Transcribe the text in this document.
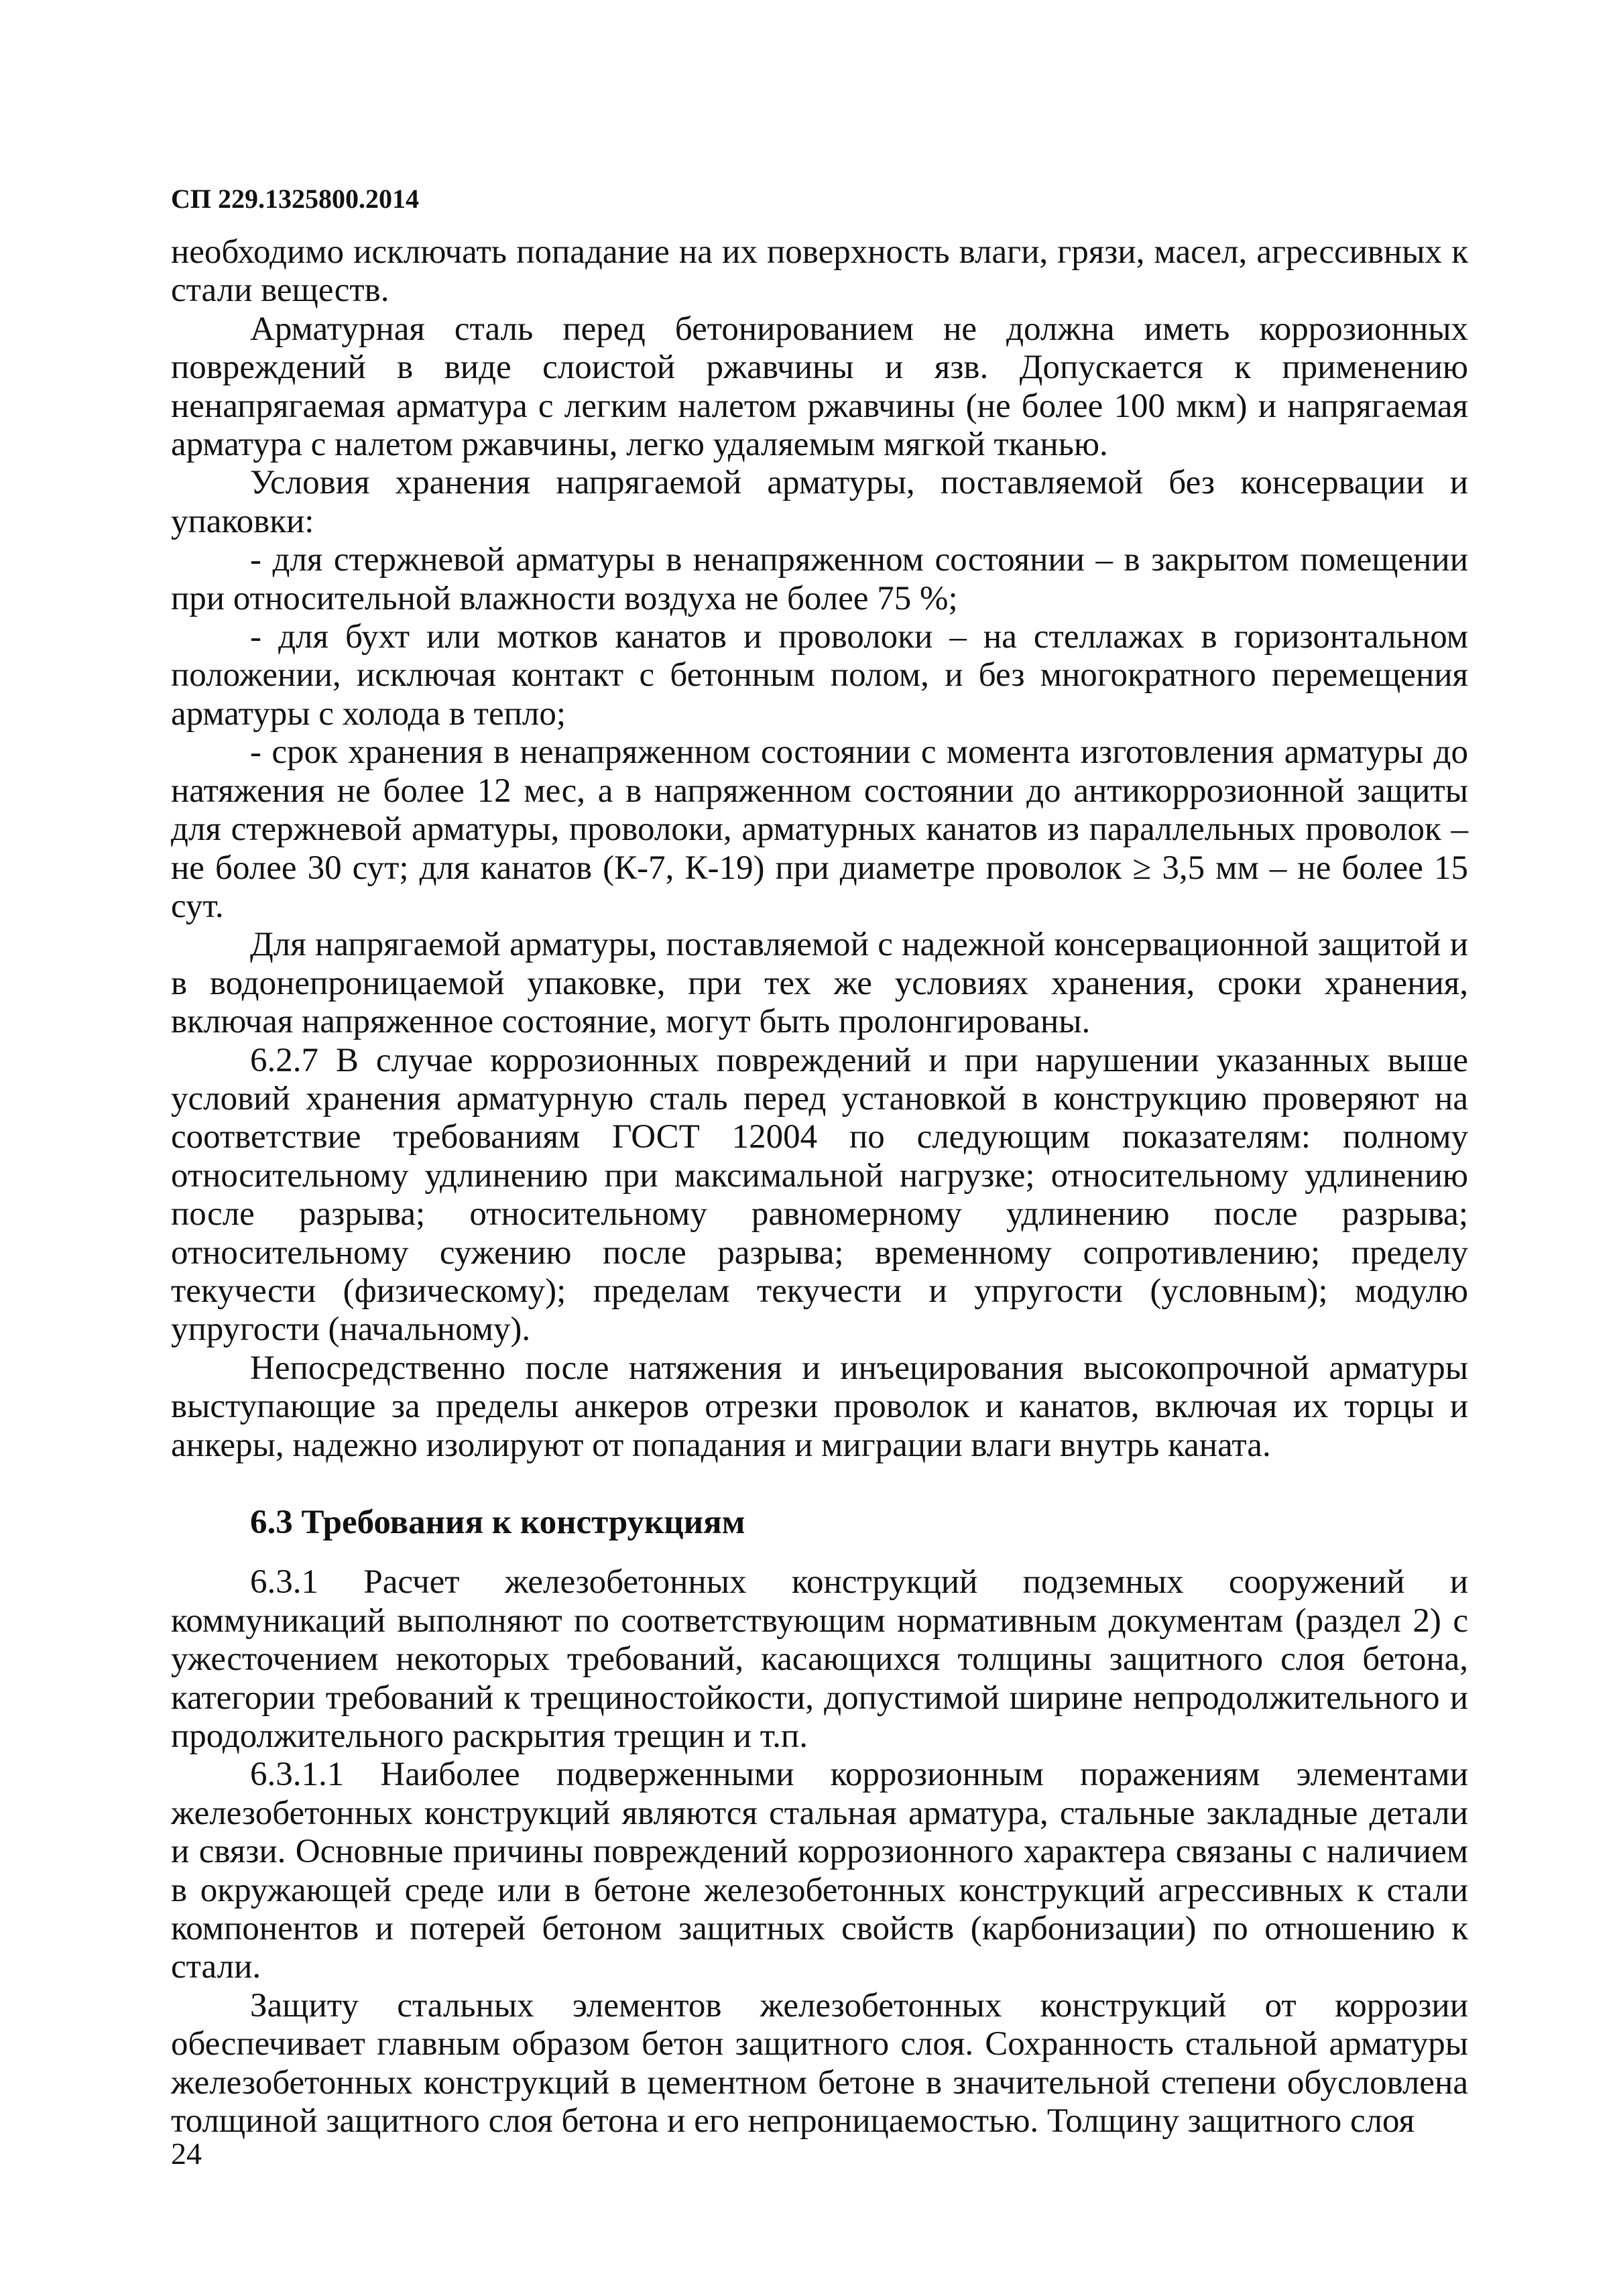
СП 229.1325800.2014

необходимо исключать попадание на их поверхность влаги, грязи, масел, агрессивных к стали веществ.

Арматурная сталь перед бетонированием не должна иметь коррозионных повреждений в виде слоистой ржавчины и язв. Допускается к применению ненапрягаемая арматура с легким налетом ржавчины (не более 100 мкм) и напрягаемая арматура с налетом ржавчины, легко удаляемым мягкой тканью.

Условия хранения напрягаемой арматуры, поставляемой без консервации и упаковки:

- для стержневой арматуры в ненапряженном состоянии – в закрытом помещении при относительной влажности воздуха не более 75 %;

- для бухт или мотков канатов и проволоки – на стеллажах в горизонтальном положении, исключая контакт с бетонным полом, и без многократного перемещения арматуры с холода в тепло;

- срок хранения в ненапряженном состоянии с момента изготовления арматуры до натяжения не более 12 мес, а в напряженном состоянии до антикоррозионной защиты для стержневой арматуры, проволоки, арматурных канатов из параллельных проволок – не более 30 сут; для канатов (К-7, К-19) при диаметре проволок ≥ 3,5 мм – не более 15 сут.

Для напрягаемой арматуры, поставляемой с надежной консервационной защитой и в водонепроницаемой упаковке, при тех же условиях хранения, сроки хранения, включая напряженное состояние, могут быть пролонгированы.

6.2.7 В случае коррозионных повреждений и при нарушении указанных выше условий хранения арматурную сталь перед установкой в конструкцию проверяют на соответствие требованиям ГОСТ 12004 по следующим показателям: полному относительному удлинению при максимальной нагрузке; относительному удлинению после разрыва; относительному равномерному удлинению после разрыва; относительному сужению после разрыва; временному сопротивлению; пределу текучести (физическому); пределам текучести и упругости (условным); модулю упругости (начальному).

Непосредственно после натяжения и инъецирования высокопрочной арматуры выступающие за пределы анкеров отрезки проволок и канатов, включая их торцы и анкеры, надежно изолируют от попадания и миграции влаги внутрь каната.

6.3 Требования к конструкциям

6.3.1 Расчет железобетонных конструкций подземных сооружений и коммуникаций выполняют по соответствующим нормативным документам (раздел 2) с ужесточением некоторых требований, касающихся толщины защитного слоя бетона, категории требований к трещиностойкости, допустимой ширине непродолжительного и продолжительного раскрытия трещин и т.п.

6.3.1.1 Наиболее подверженными коррозионным поражениям элементами железобетонных конструкций являются стальная арматура, стальные закладные детали и связи. Основные причины повреждений коррозионного характера связаны с наличием в окружающей среде или в бетоне железобетонных конструкций агрессивных к стали компонентов и потерей бетоном защитных свойств (карбонизации) по отношению к стали.

Защиту стальных элементов железобетонных конструкций от коррозии обеспечивает главным образом бетон защитного слоя. Сохранность стальной арматуры железобетонных конструкций в цементном бетоне в значительной степени обусловлена толщиной защитного слоя бетона и его непроницаемостью. Толщину защитного слоя

24
